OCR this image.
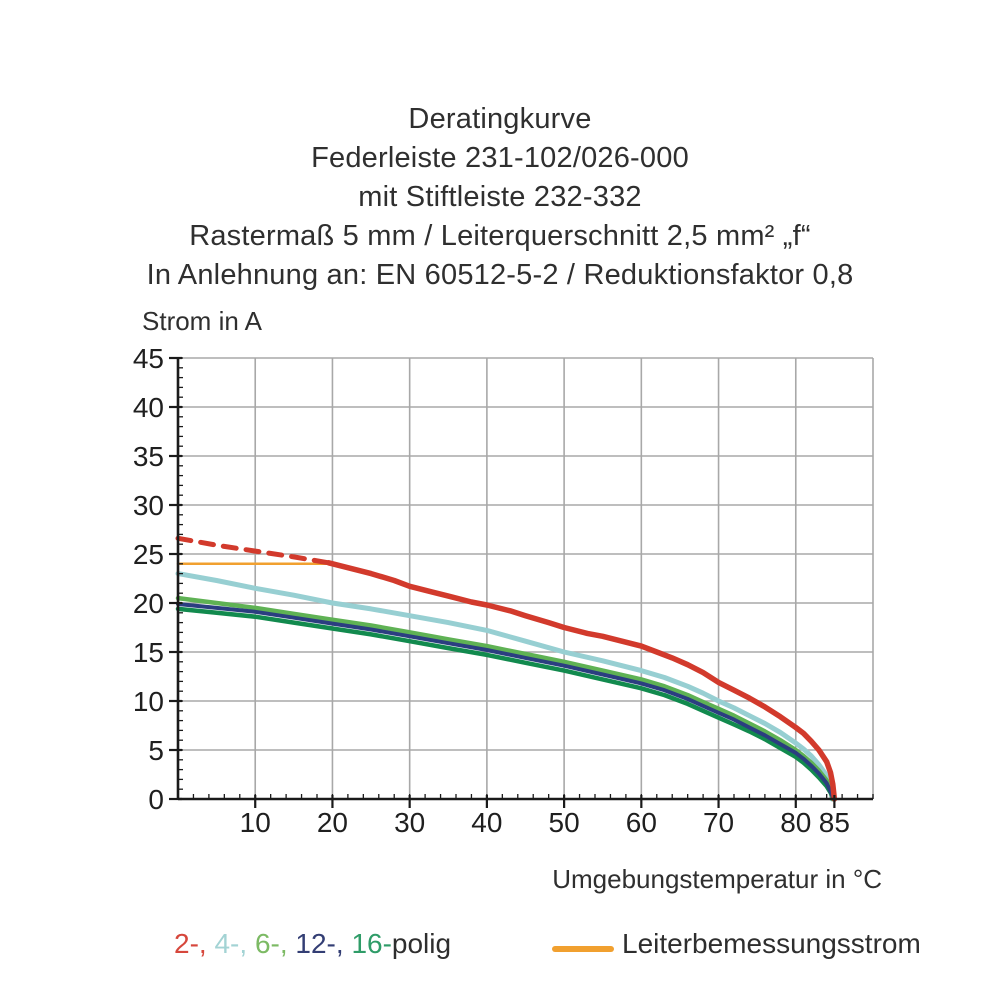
Deratingkurve
Federleiste 231-102/026-000
mit Stiftleiste 232-332
Rastermaß 5 mm / Leiterquerschnitt 2,5 mm² „f“
In Anlehnung an: EN 60512-5-2 / Reduktionsfaktor 0,8
Strom in A
10 20 30 40 50 60 70 80 85
0
5
10
15
20
25
30
35
40
45
Umgebungstemperatur in °C
2-, 4-, 6-, 12-, 16-polig	Leiterbemessungsstrom
